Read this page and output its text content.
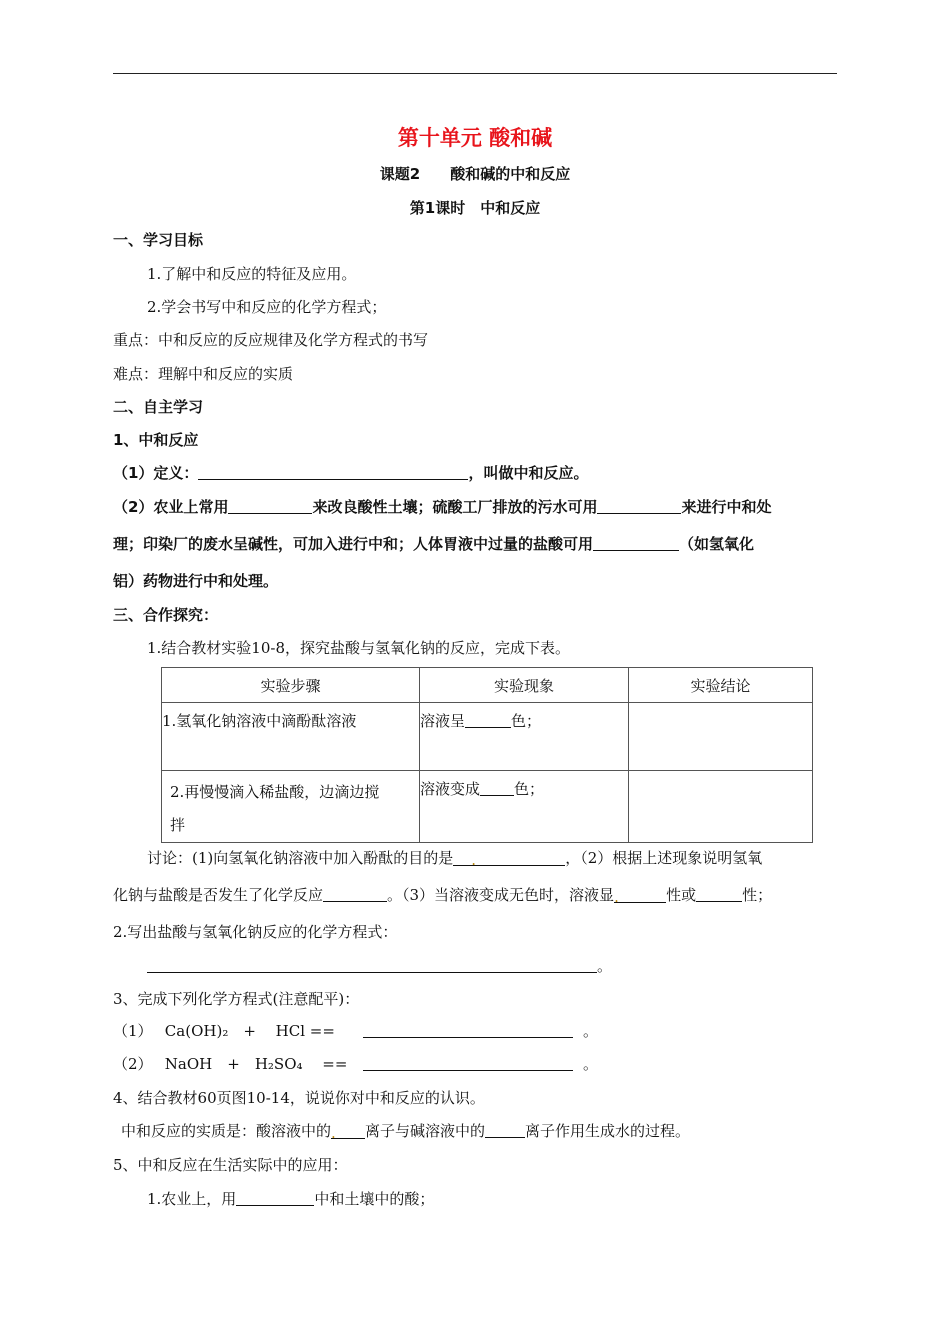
第十单元 酸和碱
课题2　　酸和碱的中和反应
第1课时　中和反应
一、学习目标
1.了解中和反应的特征及应用。
2.学会书写中和反应的化学方程式；
重点：中和反应的反应规律及化学方程式的书写
难点：理解中和反应的实质
二、自主学习
1、中和反应
（1）定义：	，叫做中和反应。
（2）农业上常用	来改良酸性土壤；硫酸工厂排放的污水可用	来进行中和处
理；印染厂的废水呈碱性，可加入进行中和；人体胃液中过量的盐酸可用	（如氢氧化
铝）药物进行中和处理。
三、合作探究：
1.结合教材实验10-8，探究盐酸与氢氧化钠的反应，完成下表。
实验步骤	实验现象	实验结论
1.氢氧化钠溶液中滴酚酞溶液	溶液呈 色；	
2.再慢慢滴入稀盐酸，边滴边搅
拌	溶液变成 色；	
讨论：(1)向氢氧化钠溶液中加入酚酞的目的是 .	，（2）根据上述现象说明氢氧
化钠与盐酸是否发生了化学反应	。（3）当溶液变成无色时，溶液显.	性或	性；
2.写出盐酸与氢氧化钠反应的化学方程式：
。
3、完成下列化学方程式(注意配平)：
（1）　 Ca(OH)₂　+　 HCl ==	。
（2）　 NaOH　+　H₂SO₄　 ==	。
4、结合教材60页图10-14，说说你对中和反应的认识。
中和反应的实质是：酸溶液中的. 离子与碱溶液中的	离子作用生成水的过程。
5、中和反应在生活实际中的应用：
1.农业上，用	中和土壤中的酸；
